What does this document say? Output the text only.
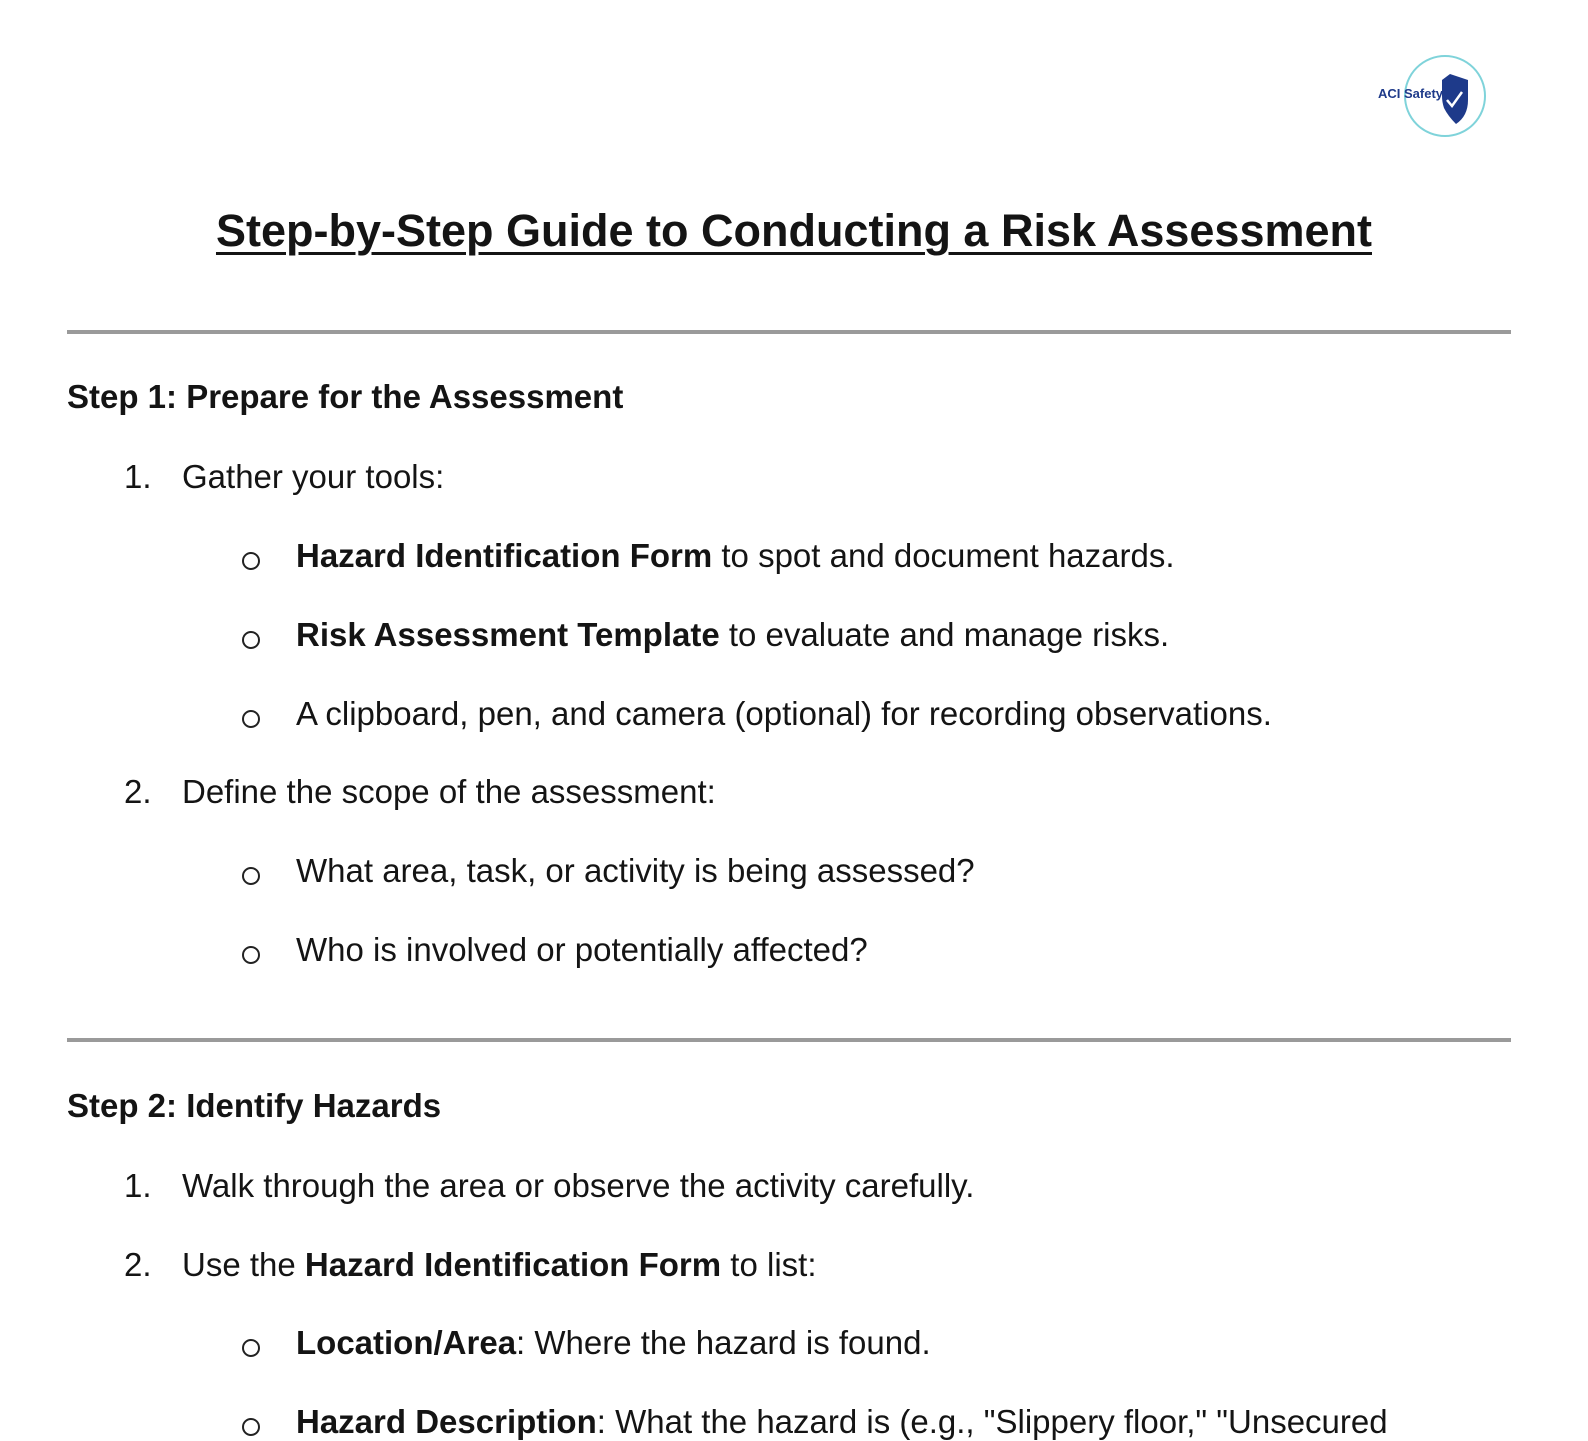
ACI Safety
Step-by-Step Guide to Conducting a Risk Assessment
Step 1: Prepare for the Assessment
1. Gather your tools:
Hazard Identification Form to spot and document hazards.
Risk Assessment Template to evaluate and manage risks.
A clipboard, pen, and camera (optional) for recording observations.
2. Define the scope of the assessment:
What area, task, or activity is being assessed?
Who is involved or potentially affected?
Step 2: Identify Hazards
1. Walk through the area or observe the activity carefully.
2. Use the Hazard Identification Form to list:
Location/Area: Where the hazard is found.
Hazard Description: What the hazard is (e.g., "Slippery floor," "Unsecured
